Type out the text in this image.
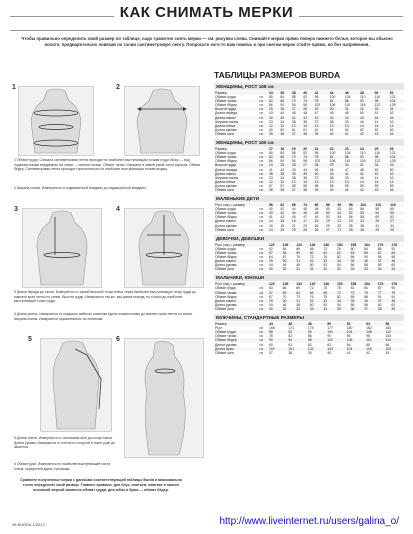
КАК СНИМАТЬ МЕРКИ
Чтобы правильно определить свой размер по таблице, надо грамотно снять мерки — см. рисунки слева. Снимайте мерки прямо поверх нижнего белья, которое вы обычно носите, предварительно повязав по талии сантиметровую ленту. Попросите кого-то вам помочь и при снятии мерок стойте прямо, но без напряжения.
1	2
1 Обхват груди. Сначала сантиметровая лента проходит по наиболее выступающим точкам груди сбоку — под подмышечными впадинами, на спине — немного выше. Обхват талии. Измерьте в самой узкой части корпуса. Обхват бёдер. Сантиметровая лента проходит горизонтально по наиболее выступающим точкам ягодиц.
2 Ширина спины. Измеряется от подмышечной впадины до подмышечной впадины.
3	4
3 Длина переда до талии. Измеряется от самой высокой точки плеча через наиболее выступающую точку груди до нижнего края ленты по талии. Высота груди. Измеряется так же, как длина переда, но только до наиболее выступающей точки груди.
4 Длина спины. Измеряется от седьмого шейного позвонка вдоль позвоночника до нижнего края ленты по талии. Ширина спины. Измеряется горизонтально по лопаткам.
5	6
5 Длина плеча. Измеряется от основания шеи до конца плеча. Длина рукава. Измеряется от плеча по согнутой в локте руке до запястья.
6 Обхват руки. Измеряется по наиболее выступающей части плеча, опущенной вдоль туловища.
Сравните полученные мерки с данными соответствующей таблицы Burda и максимально точно определите свой размер. Главное правило: для блуз, платьев, жакетов и пальто основной меркой является обхват груди, для юбок и брюк — обхват бёдер.
ТАБЛИЦЫ РАЗМЕРОВ BURDA
ЖЕНЩИНЫ, РОСТ 168 см
Размер		34	36	38	40	42	44	46	48	50	52
Обхват груди	см	80	84	88	92	96	100	104	110	116	122
Обхват талии	см	62	66	70	74	78	82	86	92	98	104
Обхват бёдер	см	86	90	94	98	102	106	110	116	122	128
Высота груди	см	25	26	27	28	29	30	31	32	33	34
Длина переда	см	43	44	45	46	47	48	49	50	51	52
Длина спины	см	40	40	41	41	42	42	43	43	44	44
Ширина спины	см	33	34	35	36	37	38	39	40	41	42
Длина плеча	см	12	12	12	13	13	13	13	14	14	14
Длина рукава	см	60	60	61	61	61	61	62	62	62	62
Обхват шеи	см	35	36	37	38	39	40	41	42	43	44
ЖЕНЩИНЫ, РОСТ 160 см
Размер		17	18	19	20	21	22	23	24	25	26
Обхват груди	см	80	84	88	92	96	100	104	110	116	122
Обхват талии	см	62	66	70	74	78	82	86	92	98	104
Обхват бёдер	см	86	90	94	98	102	106	110	116	122	128
Высота груди	см	24	25	26	27	28	29	30	31	32	33
Длина переда	см	41	42	43	44	45	46	47	48	49	50
Длина спины	см	38	38	39	39	40	40	41	41	42	42
Ширина спины	см	33	34	35	36	37	38	39	40	41	42
Длина плеча	см	12	12	12	13	13	13	13	14	14	14
Длина рукава	см	57	57	58	58	58	58	59	59	59	59
Обхват шеи	см	35	36	37	38	39	40	41	42	43	44
МАЛЕНЬКИЕ ДЕТИ
Рост (см) = размер		56	62	68	74	80	86	92	98	104	110	116
Обхват груди	см	40	42	44	46	48	50	52	54	56	58	60
Обхват талии	см	40	42	44	46	48	50	51	52	53	54	55
Обхват бёдер	см	41	43	45	47	49	52	54	56	58	60	62
Длина спины	см	14	15	16	17	18	19	21	23	24	26	27
Длина рукава	см	16	18	21	23	26	29	32	35	38	41	44
Обхват шеи	см	24	25	25	26	26	27	27	28	28	29	29
ДЕВОЧКИ, ДЕВУШКИ
Рост (см) = размер		122	128	134	140	146	152	158	164	170	176
Обхват груди	см	62	64	66	68	72	76	80	84	88	92
Обхват талии	см	57	58	59	60	61	62	63	65	67	69
Обхват бёдер	см	64	67	70	73	76	82	86	90	94	98
Длина спины	см	29	30	31	32	33	34	35	36	37	38
Длина рукава	см	44	46	48	50	52	54	56	58	59	60
Обхват шеи	см	30	30	31	31	32	32	33	33	34	34
МАЛЬЧИКИ, ЮНОШИ
Рост (см) = размер		122	128	134	140	146	152	158	164	170	176
Обхват груди	см	63	66	69	72	75	78	81	84	87	90
Обхват талии	см	57	60	63	66	69	72	72	75	77	79
Обхват бёдер	см	67	70	73	76	79	82	85	88	91	94
Длина спины	см	29	30	31	32	33	34	35	36	37	38
Длина рукава	см	44	46	48	50	52	54	56	58	60	62
Обхват шеи	см	30	31	32	33	34	35	36	37	38	39
МУЖЧИНЫ, СТАНДАРТНЫЕ РАЗМЕРЫ
Размер		44	46	48	50	52	54	56
Рост	см	168	171	174	177	180	182	184
Обхват груди	см	88	92	96	100	104	108	112
Обхват талии	см	78	82	86	90	94	98	104
Обхват бёдер	см	90	94	98	102	106	110	114
Длина рукава	см	60	61	62	63	64	65	66
Длина брюк	см	100	101	102	103	104	105	106
Обхват шеи	см	37	38	39	40	41	42	43
38 BURDA 1/2012	http://www.liveinternet.ru/users/galina_o/
